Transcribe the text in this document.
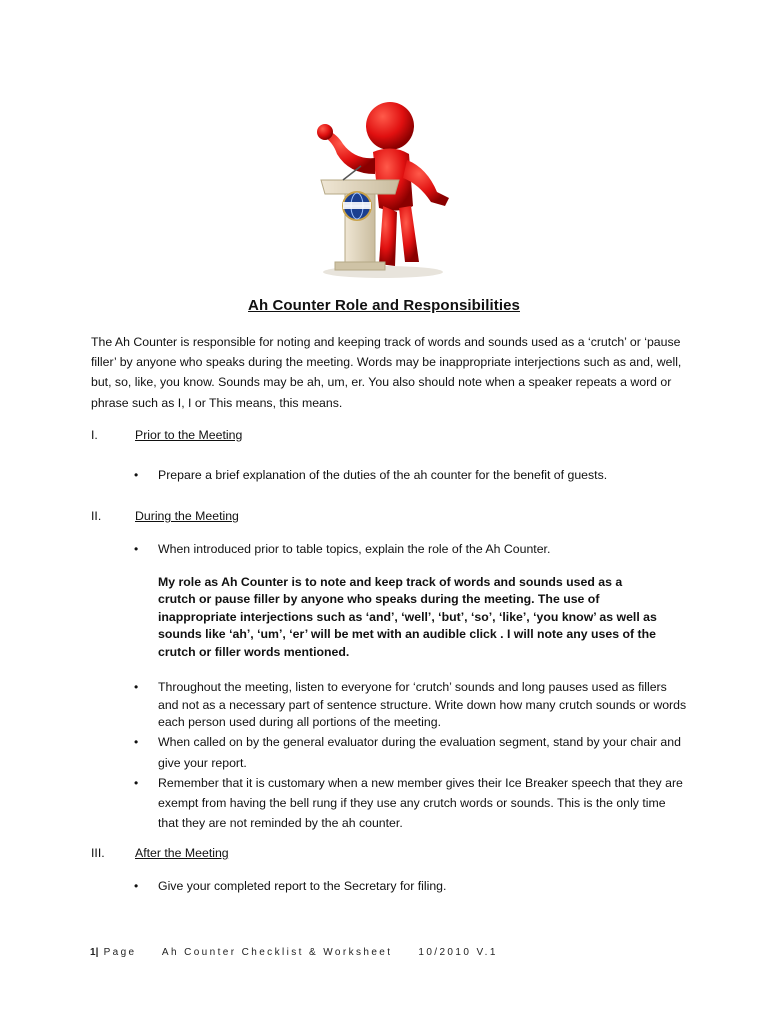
Ah Counter Role and Responsibilities
The Ah Counter is responsible for noting and keeping track of words and sounds used as a ‘crutch’ or ‘pause filler’ by anyone who speaks during the meeting. Words may be inappropriate interjections such as and, well, but, so, like, you know. Sounds may be ah, um, er. You also should note when a speaker repeats a word or phrase such as I, I or This means, this means.
I.	Prior to the Meeting
• Prepare a brief explanation of the duties of the ah counter for the benefit of guests.
II.	During the Meeting
• When introduced prior to table topics, explain the role of the Ah Counter.
My role as Ah Counter is to note and keep track of words and sounds used as a crutch or pause filler by anyone who speaks during the meeting. The use of inappropriate interjections such as ‘and’, ‘well’, ‘but’, ‘so’, ‘like’, ‘you know’ as well as sounds like ‘ah’, ‘um’, ‘er’ will be met with an audible click . I will note any uses of the crutch or filler words mentioned.
• Throughout the meeting, listen to everyone for ‘crutch’ sounds and long pauses used as fillers and not as a necessary part of sentence structure. Write down how many crutch sounds or words each person used during all portions of the meeting.
• When called on by the general evaluator during the evaluation segment, stand by your chair and give your report.
• Remember that it is customary when a new member gives their Ice Breaker speech that they are exempt from having the bell rung if they use any crutch words or sounds. This is the only time that they are not reminded by the ah counter.
III. After the Meeting
• Give your completed report to the Secretary for filing.
1| Page	Ah Counter Checklist & Worksheet	10/2010 V.1
